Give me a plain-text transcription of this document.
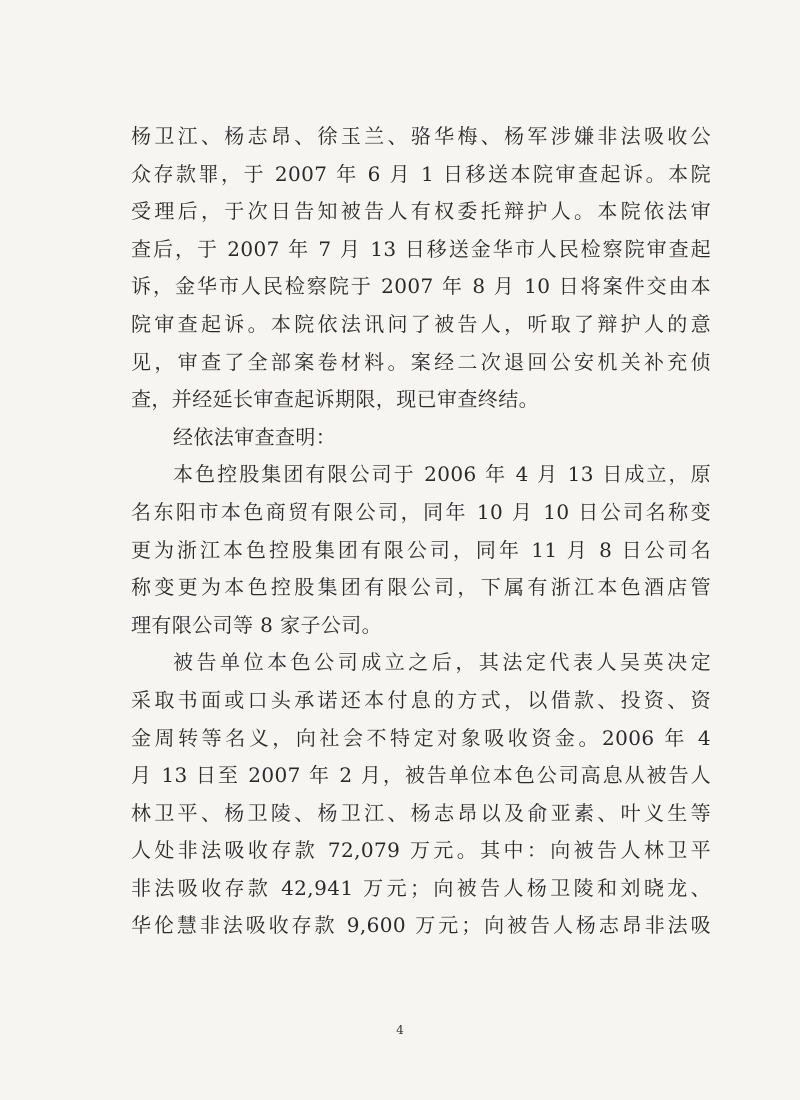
杨卫江、杨志昂、徐玉兰、骆华梅、杨军涉嫌非法吸收公
众存款罪，于 2007 年 6 月 1 日移送本院审查起诉。本院
受理后，于次日告知被告人有权委托辩护人。本院依法审
查后，于 2007 年 7 月 13 日移送金华市人民检察院审查起
诉，金华市人民检察院于 2007 年 8 月 10 日将案件交由本
院审查起诉。本院依法讯问了被告人，听取了辩护人的意
见，审查了全部案卷材料。案经二次退回公安机关补充侦
查，并经延长审查起诉期限，现已审查终结。
经依法审查查明：
本色控股集团有限公司于 2006 年 4 月 13 日成立，原
名东阳市本色商贸有限公司，同年 10 月 10 日公司名称变
更为浙江本色控股集团有限公司，同年 11 月 8 日公司名
称变更为本色控股集团有限公司，下属有浙江本色酒店管
理有限公司等 8 家子公司。
被告单位本色公司成立之后，其法定代表人吴英决定
采取书面或口头承诺还本付息的方式，以借款、投资、资
金周转等名义，向社会不特定对象吸收资金。2006 年 4
月 13 日至 2007 年 2 月，被告单位本色公司高息从被告人
林卫平、杨卫陵、杨卫江、杨志昂以及俞亚素、叶义生等
人处非法吸收存款 72,079 万元。其中：向被告人林卫平
非法吸收存款 42,941 万元；向被告人杨卫陵和刘晓龙、
华伦慧非法吸收存款 9,600 万元；向被告人杨志昂非法吸
4
